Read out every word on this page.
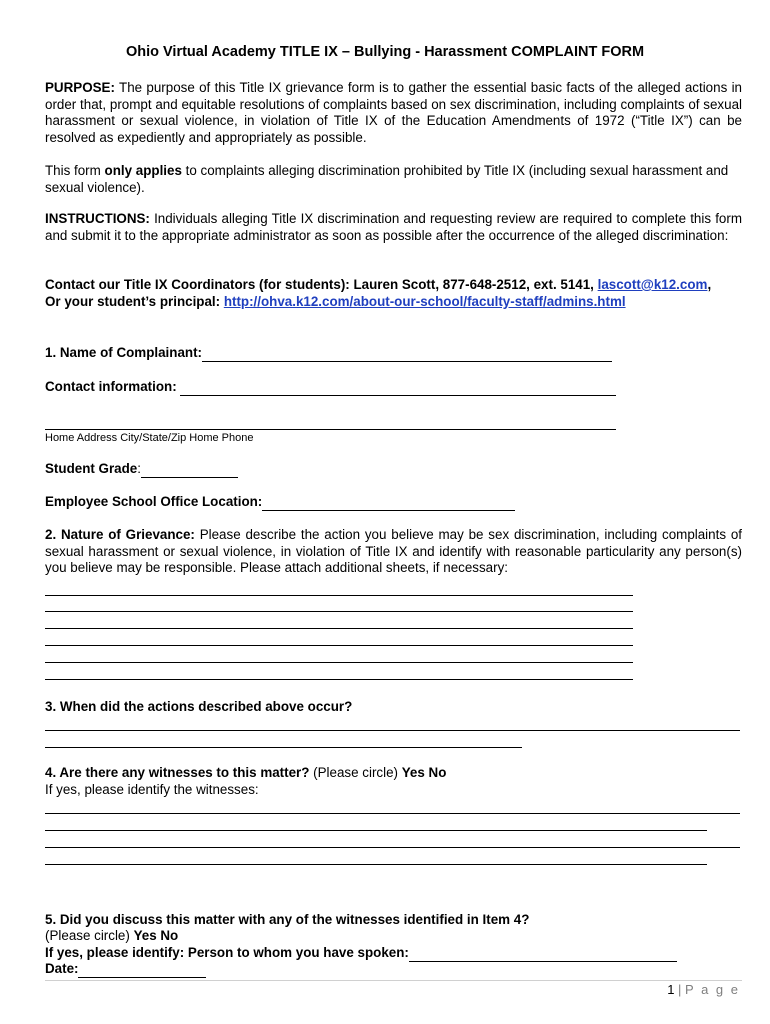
Ohio Virtual Academy TITLE IX – Bullying - Harassment COMPLAINT FORM
PURPOSE: The purpose of this Title IX grievance form is to gather the essential basic facts of the alleged actions in order that, prompt and equitable resolutions of complaints based on sex discrimination, including complaints of sexual harassment or sexual violence, in violation of Title IX of the Education Amendments of 1972 (“Title IX”) can be resolved as expediently and appropriately as possible.
This form only applies to complaints alleging discrimination prohibited by Title IX (including sexual harassment and sexual violence).
INSTRUCTIONS: Individuals alleging Title IX discrimination and requesting review are required to complete this form and submit it to the appropriate administrator as soon as possible after the occurrence of the alleged discrimination:
Contact our Title IX Coordinators (for students): Lauren Scott, 877-648-2512, ext. 5141, lascott@k12.com,
Or your student’s principal: http://ohva.k12.com/about-our-school/faculty-staff/admins.html
1. Name of Complainant:
Contact information:
Home Address City/State/Zip Home Phone
Student Grade :
Employee School Office Location:
2. Nature of Grievance: Please describe the action you believe may be sex discrimination, including complaints of sexual harassment or sexual violence, in violation of Title IX and identify with reasonable particularity any person(s) you believe may be responsible. Please attach additional sheets, if necessary:
3. When did the actions described above occur?
4. Are there any witnesses to this matter? (Please circle) Yes No
If yes, please identify the witnesses:
5. Did you discuss this matter with any of the witnesses identified in Item 4?
(Please circle) Yes No
If yes, please identify: Person to whom you have spoken:
Date:
1 | P a g e
